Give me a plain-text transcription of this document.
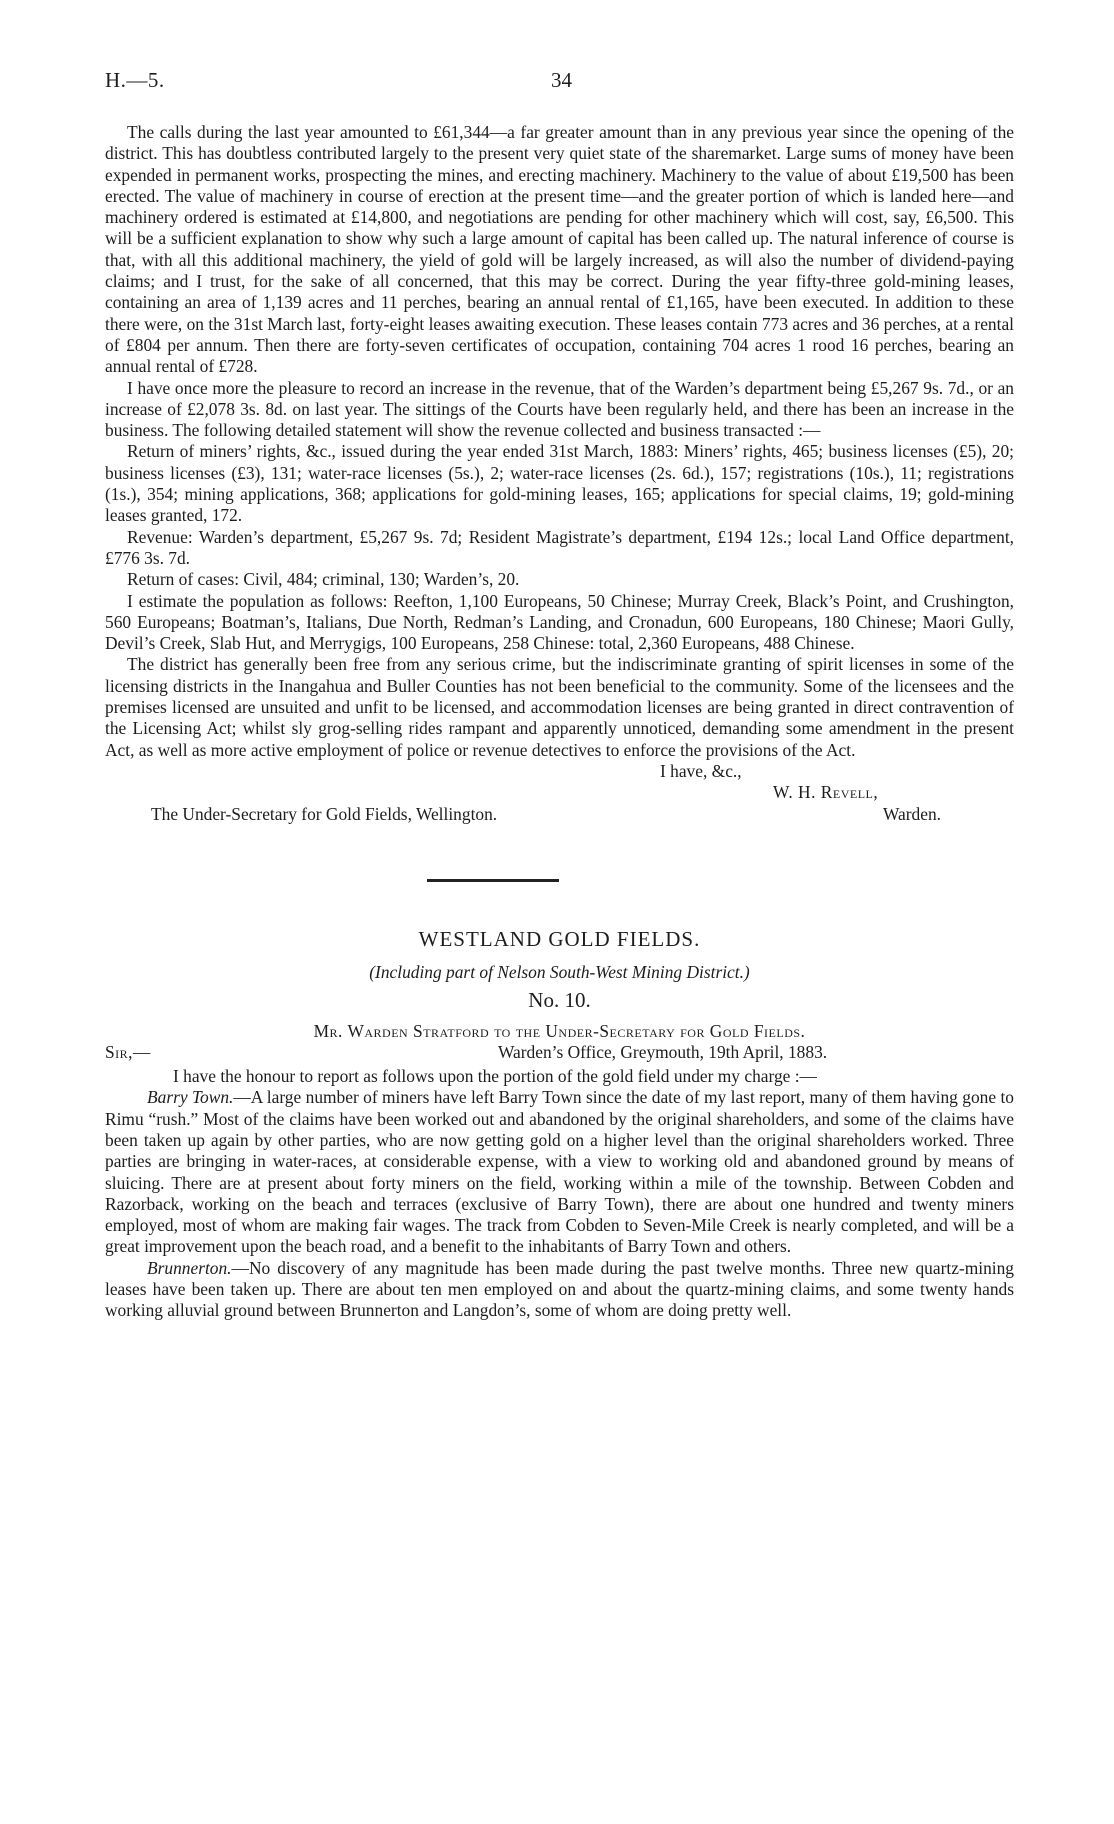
H.—5.	34

The calls during the last year amounted to £61,344—a far greater amount than in any previous year since the opening of the district. This has doubtless contributed largely to the present very quiet state of the sharemarket. Large sums of money have been expended in permanent works, prospecting the mines, and erecting machinery. Machinery to the value of about £19,500 has been erected. The value of machinery in course of erection at the present time—and the greater portion of which is landed here—and machinery ordered is estimated at £14,800, and negotiations are pending for other machinery which will cost, say, £6,500. This will be a sufficient explanation to show why such a large amount of capital has been called up. The natural inference of course is that, with all this additional machinery, the yield of gold will be largely increased, as will also the number of dividend-paying claims; and I trust, for the sake of all concerned, that this may be correct. During the year fifty-three gold-mining leases, containing an area of 1,139 acres and 11 perches, bearing an annual rental of £1,165, have been executed. In addition to these there were, on the 31st March last, forty-eight leases awaiting execution. These leases contain 773 acres and 36 perches, at a rental of £804 per annum. Then there are forty-seven certificates of occupation, containing 704 acres 1 rood 16 perches, bearing an annual rental of £728.

I have once more the pleasure to record an increase in the revenue, that of the Warden’s department being £5,267 9s. 7d., or an increase of £2,078 3s. 8d. on last year. The sittings of the Courts have been regularly held, and there has been an increase in the business. The following detailed statement will show the revenue collected and business transacted :—

Return of miners’ rights, &c., issued during the year ended 31st March, 1883: Miners’ rights, 465; business licenses (£5), 20; business licenses (£3), 131; water-race licenses (5s.), 2; water-race licenses (2s. 6d.), 157; registrations (10s.), 11; registrations (1s.), 354; mining applications, 368; applications for gold-mining leases, 165; applications for special claims, 19; gold-mining leases granted, 172.

Revenue: Warden’s department, £5,267 9s. 7d; Resident Magistrate’s department, £194 12s.; local Land Office department, £776 3s. 7d.

Return of cases: Civil, 484; criminal, 130; Warden’s, 20.

I estimate the population as follows: Reefton, 1,100 Europeans, 50 Chinese; Murray Creek, Black’s Point, and Crushington, 560 Europeans; Boatman’s, Italians, Due North, Redman’s Landing, and Cronadun, 600 Europeans, 180 Chinese; Maori Gully, Devil’s Creek, Slab Hut, and Merrygigs, 100 Europeans, 258 Chinese: total, 2,360 Europeans, 488 Chinese.

The district has generally been free from any serious crime, but the indiscriminate granting of spirit licenses in some of the licensing districts in the Inangahua and Buller Counties has not been beneficial to the community. Some of the licensees and the premises licensed are unsuited and unfit to be licensed, and accommodation licenses are being granted in direct contravention of the Licensing Act; whilst sly grog-selling rides rampant and apparently unnoticed, demanding some amendment in the present Act, as well as more active employment of police or revenue detectives to enforce the provisions of the Act.

I have, &c.,
W. H. Revell,
The Under-Secretary for Gold Fields, Wellington.	Warden.
WESTLAND GOLD FIELDS.
(Including part of Nelson South-West Mining District.)
No. 10.

Mr. Warden Stratford to the Under-Secretary for Gold Fields.

Sir,—	Warden’s Office, Greymouth, 19th April, 1883.

I have the honour to report as follows upon the portion of the gold field under my charge :—

Barry Town.—A large number of miners have left Barry Town since the date of my last report, many of them having gone to Rimu “rush.” Most of the claims have been worked out and abandoned by the original shareholders, and some of the claims have been taken up again by other parties, who are now getting gold on a higher level than the original shareholders worked. Three parties are bringing in water-races, at considerable expense, with a view to working old and abandoned ground by means of sluicing. There are at present about forty miners on the field, working within a mile of the township. Between Cobden and Razorback, working on the beach and terraces (exclusive of Barry Town), there are about one hundred and twenty miners employed, most of whom are making fair wages. The track from Cobden to Seven-Mile Creek is nearly completed, and will be a great improvement upon the beach road, and a benefit to the inhabitants of Barry Town and others.

Brunnerton.—No discovery of any magnitude has been made during the past twelve months. Three new quartz-mining leases have been taken up. There are about ten men employed on and about the quartz-mining claims, and some twenty hands working alluvial ground between Brunnerton and Langdon’s, some of whom are doing pretty well.
